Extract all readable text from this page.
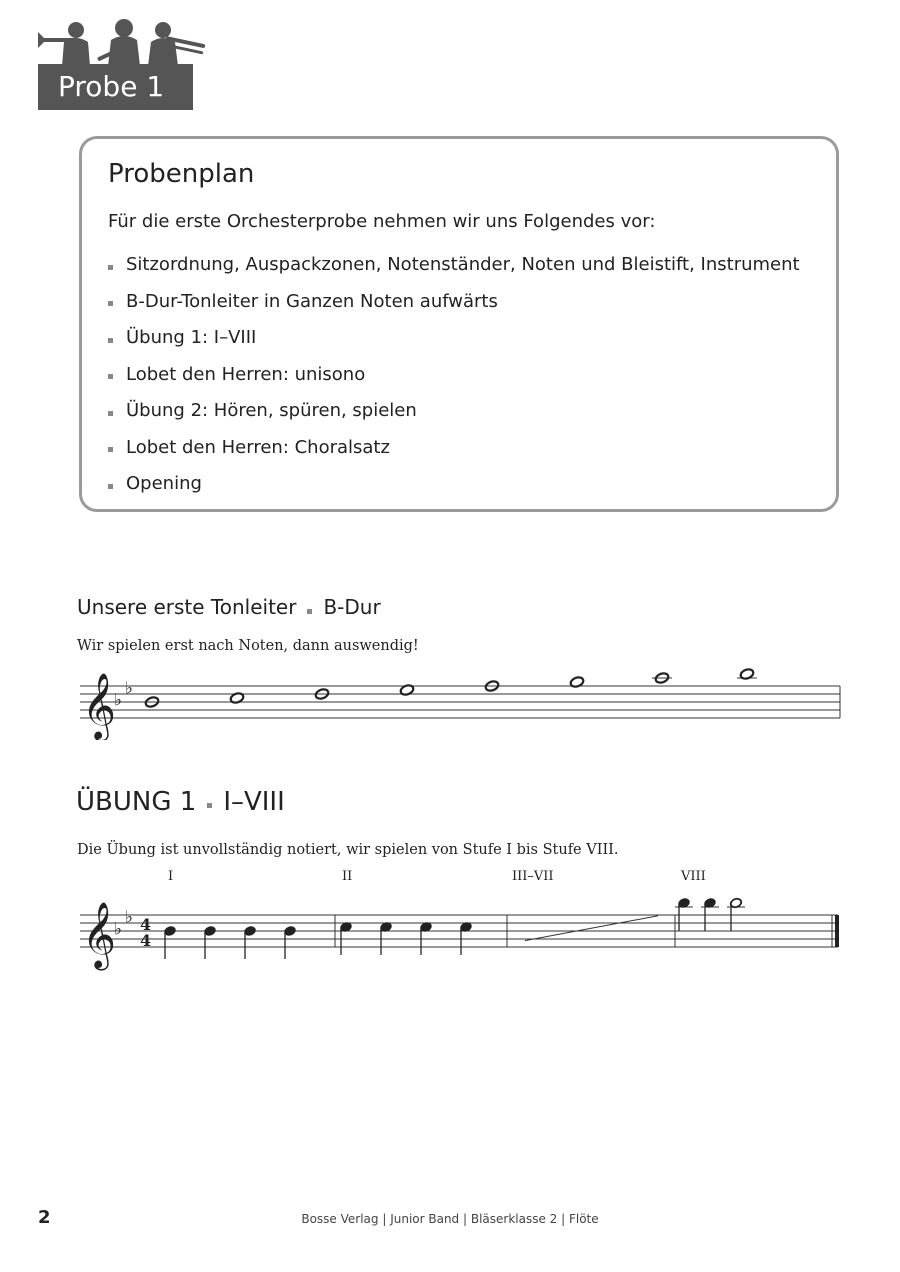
Probe 1
Probenplan
Für die erste Orchesterprobe nehmen wir uns Folgendes vor:
Sitzordnung, Auspackzonen, Notenständer, Noten und Bleistift, Instrument
B-Dur-Tonleiter in Ganzen Noten aufwärts
Übung 1: I–VIII
Lobet den Herren: unisono
Übung 2: Hören, spüren, spielen
Lobet den Herren: Choralsatz
Opening
Unsere erste Tonleiter B-Dur
Wir spielen erst nach Noten, dann auswendig!
𝄞
♭
♭
ÜBUNG 1 I–VIII
Die Übung ist unvollständig notiert, wir spielen von Stufe I bis Stufe VIII.
I	II	III–VII	VIII
𝄞
♭
♭ 4
4
2	Bosse Verlag | Junior Band | Bläserklasse 2 | Flöte
